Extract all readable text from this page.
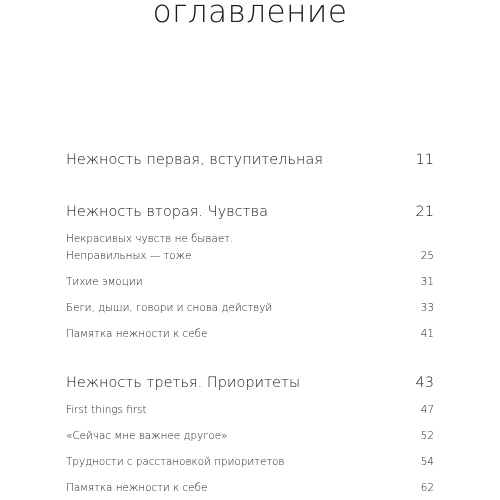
оглавление
Нежность первая, вступительная	11
Нежность вторая. Чувства	21
Некрасивых чувств не бывает.
Неправильных — тоже	25
Тихие эмоции	31
Беги, дыши, говори и снова действуй	33
Памятка нежности к себе	41
Нежность третья. Приоритеты	43
First things first	47
«Сейчас мне важнее другое»	52
Трудности с расстановкой приоритетов	54
Памятка нежности к себе	62
